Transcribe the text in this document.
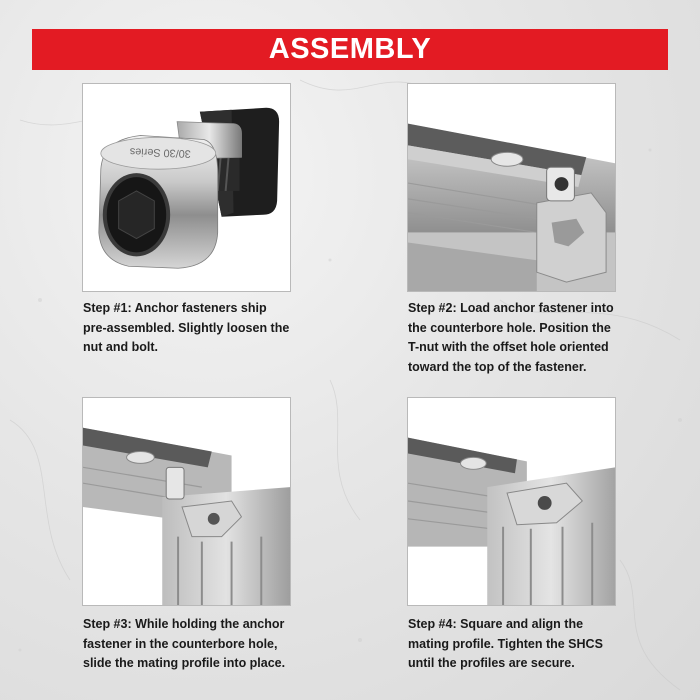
ASSEMBLY
30/30 Series
Step #1: Anchor fasteners ship
pre-assembled. Slightly loosen the
nut and bolt.
Step #2: Load anchor fastener into
the counterbore hole. Position the
T-nut with the offset hole oriented
toward the top of the fastener.
Step #3: While holding the anchor
fastener in the counterbore hole,
slide the mating profile into place.
Step #4: Square and align the
mating profile. Tighten the SHCS
until the profiles are secure.
